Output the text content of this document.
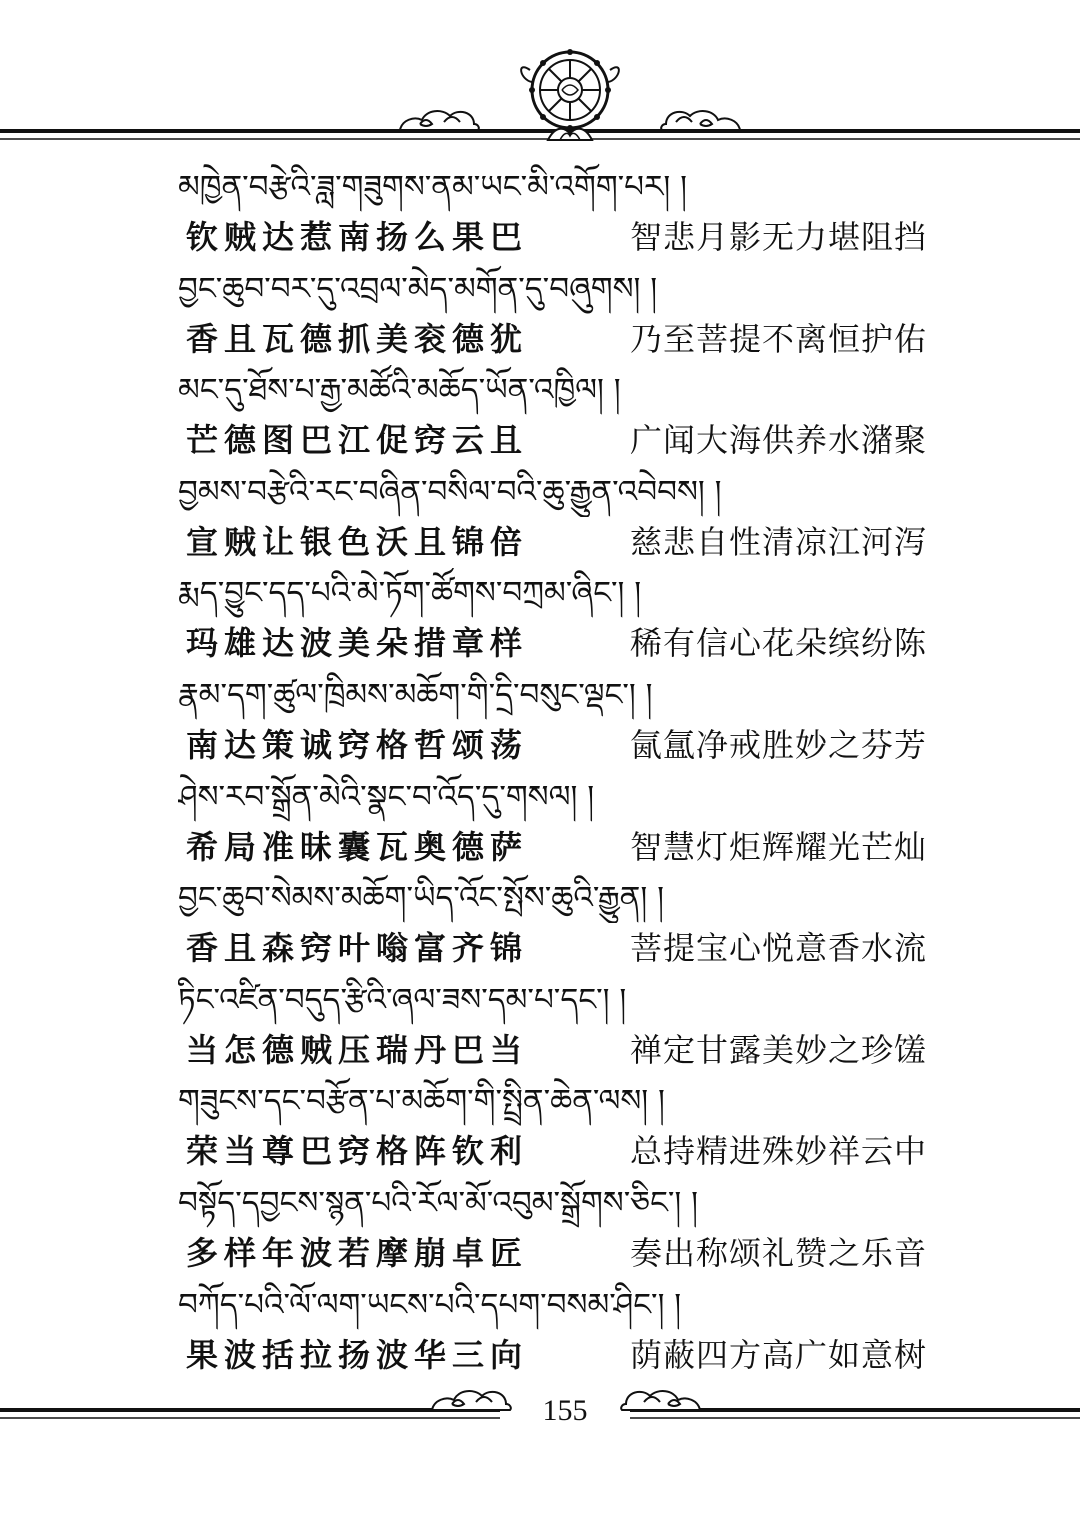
མཁྱེན་བརྩེའི་ཟླ་གཟུགས་ནམ་ཡང་མི་འགོག་པར། །
钦贼达惹南扬么果巴	智悲月影无力堪阻挡
བྱང་ཆུབ་བར་དུ་འབྲལ་མེད་མགོན་དུ་བཞུགས། །
香且瓦德抓美衮德犹	乃至菩提不离恒护佑
མང་དུ་ཐོས་པ་རྒྱ་མཚོའི་མཆོད་ཡོན་འཁྱིལ། །
芒德图巴江促窍云且	广闻大海供养水潴聚
བྱམས་བརྩེའི་རང་བཞིན་བསིལ་བའི་ཆུ་རྒྱུན་འབེབས། །
宣贼让银色沃且锦倍	慈悲自性清凉江河泻
རྨད་བྱུང་དད་པའི་མེ་ཏོག་ཚོགས་བཀྲམ་ཞིང་། །
玛雄达波美朵措章样	稀有信心花朵缤纷陈
རྣམ་དག་ཚུལ་ཁྲིམས་མཆོག་གི་དྲི་བསུང་ལྡང་། །
南达策诚窍格哲颂荡	氤氲净戒胜妙之芬芳
ཤེས་རབ་སྒྲོན་མེའི་སྣང་བ་འོད་དུ་གསལ། །
希局准昧囊瓦奥德萨	智慧灯炬辉耀光芒灿
བྱང་ཆུབ་སེམས་མཆོག་ཡིད་འོང་སྤོས་ཆུའི་རྒྱུན། །
香且森窍叶嗡富齐锦	菩提宝心悦意香水流
ཏིང་འཛིན་བདུད་རྩིའི་ཞལ་ཟས་དམ་པ་དང་། །
当怎德贼压瑞丹巴当	禅定甘露美妙之珍馐
གཟུངས་དང་བརྩོན་པ་མཆོག་གི་སྤྲིན་ཆེན་ལས། །
荣当尊巴窍格阵钦利	总持精进殊妙祥云中
བསྟོད་དབྱངས་སྙན་པའི་རོལ་མོ་འབུམ་སྒྲོགས་ཅིང་། །
多样年波若摩崩卓匠	奏出称颂礼赞之乐音
བཀོད་པའི་ལོ་ལག་ཡངས་པའི་དཔག་བསམ་ཤིང་། །
果波括拉扬波华三向	荫蔽四方高广如意树
155
